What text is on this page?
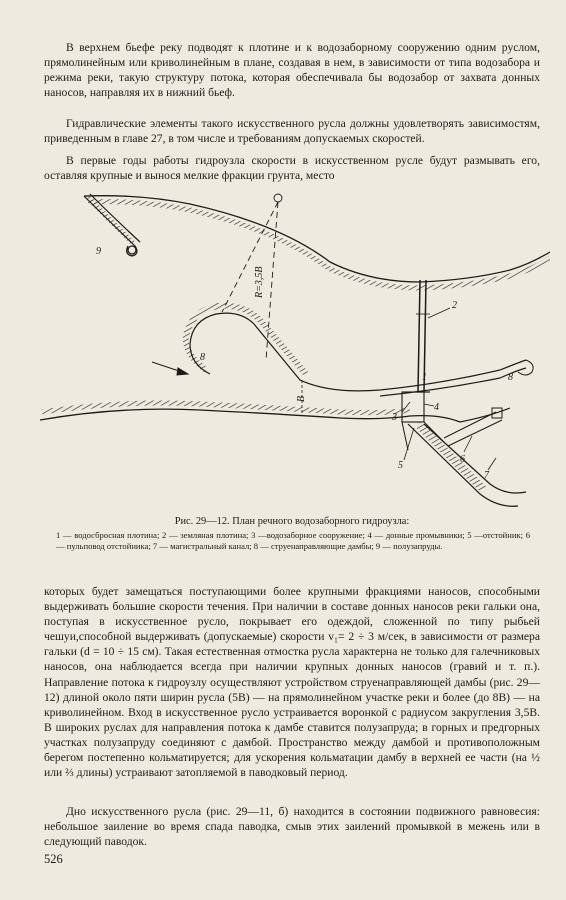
В верхнем бьефе реку подводят к плотине и к водозаборному сооружению одним руслом, прямолинейным или криволинейным в плане, создавая в нем, в зависимости от типа водозабора и режима реки, такую структуру потока, которая обеспечивала бы водозабор от захвата донных наносов, направляя их в нижний бьеф.

Гидравлические элементы такого искусственного русла должны удовлетворять зависимостям, приведенным в главе 27, в том числе и требованиям допускаемых скоростей.

В первые годы работы гидроузла скорости в искусственном русле будут размывать его, оставляя крупные и вынося мелкие фракции грунта, место

R=3,5B
B
9
8
8
1
2
3
4
5
6
7

Рис. 29—12. План речного водозаборного гидроузла:

1 — водосбросная плотина; 2 — земляная плотина; 3 —водозаборное сооружение; 4 — донные промывники; 5 —отстойник; 6 — пульповод отстойника; 7 — магистральный канал; 8 — струенаправляющие дамбы; 9 — полузапруды.

которых будет замещаться поступающими более крупными фракциями наносов, способными выдерживать большие скорости течения. При наличии в составе донных наносов реки гальки она, поступая в искусственное русло, покрывает его одеждой, сложенной по типу рыбьей чешуи,способной выдерживать (допускаемые) скорости v₁= 2 ÷ 3 м/сек, в зависимости от размера гальки (d = 10 ÷ 15 см). Такая естественная отмостка русла характерна не только для галечниковых наносов, она наблюдается всегда при наличии крупных донных наносов (гравий и т. п.). Направление потока к гидроузлу осуществляют устройством струенаправляющей дамбы (рис. 29—12) длиной около пяти ширин русла (5B) — на прямолинейном участке реки и более (до 8B) — на криволинейном. Вход в искусственное русло устраивается воронкой с радиусом закругления 3,5B. В широких руслах для направления потока к дамбе ставится полузапруда; в горных и предгорных участках полузапруду соединяют с дамбой. Пространство между дамбой и противоположным берегом постепенно кольматируется; для ускорения кольматации дамбу в верхней ее части (на ½ или ⅔ длины) устраивают затопляемой в паводковый период.

Дно искусственного русла (рис. 29—11, б) находится в состоянии подвижного равновесия: небольшое заиление во время спада паводка, смыв этих заилений промывкой в межень или в следующий паводок.

526
